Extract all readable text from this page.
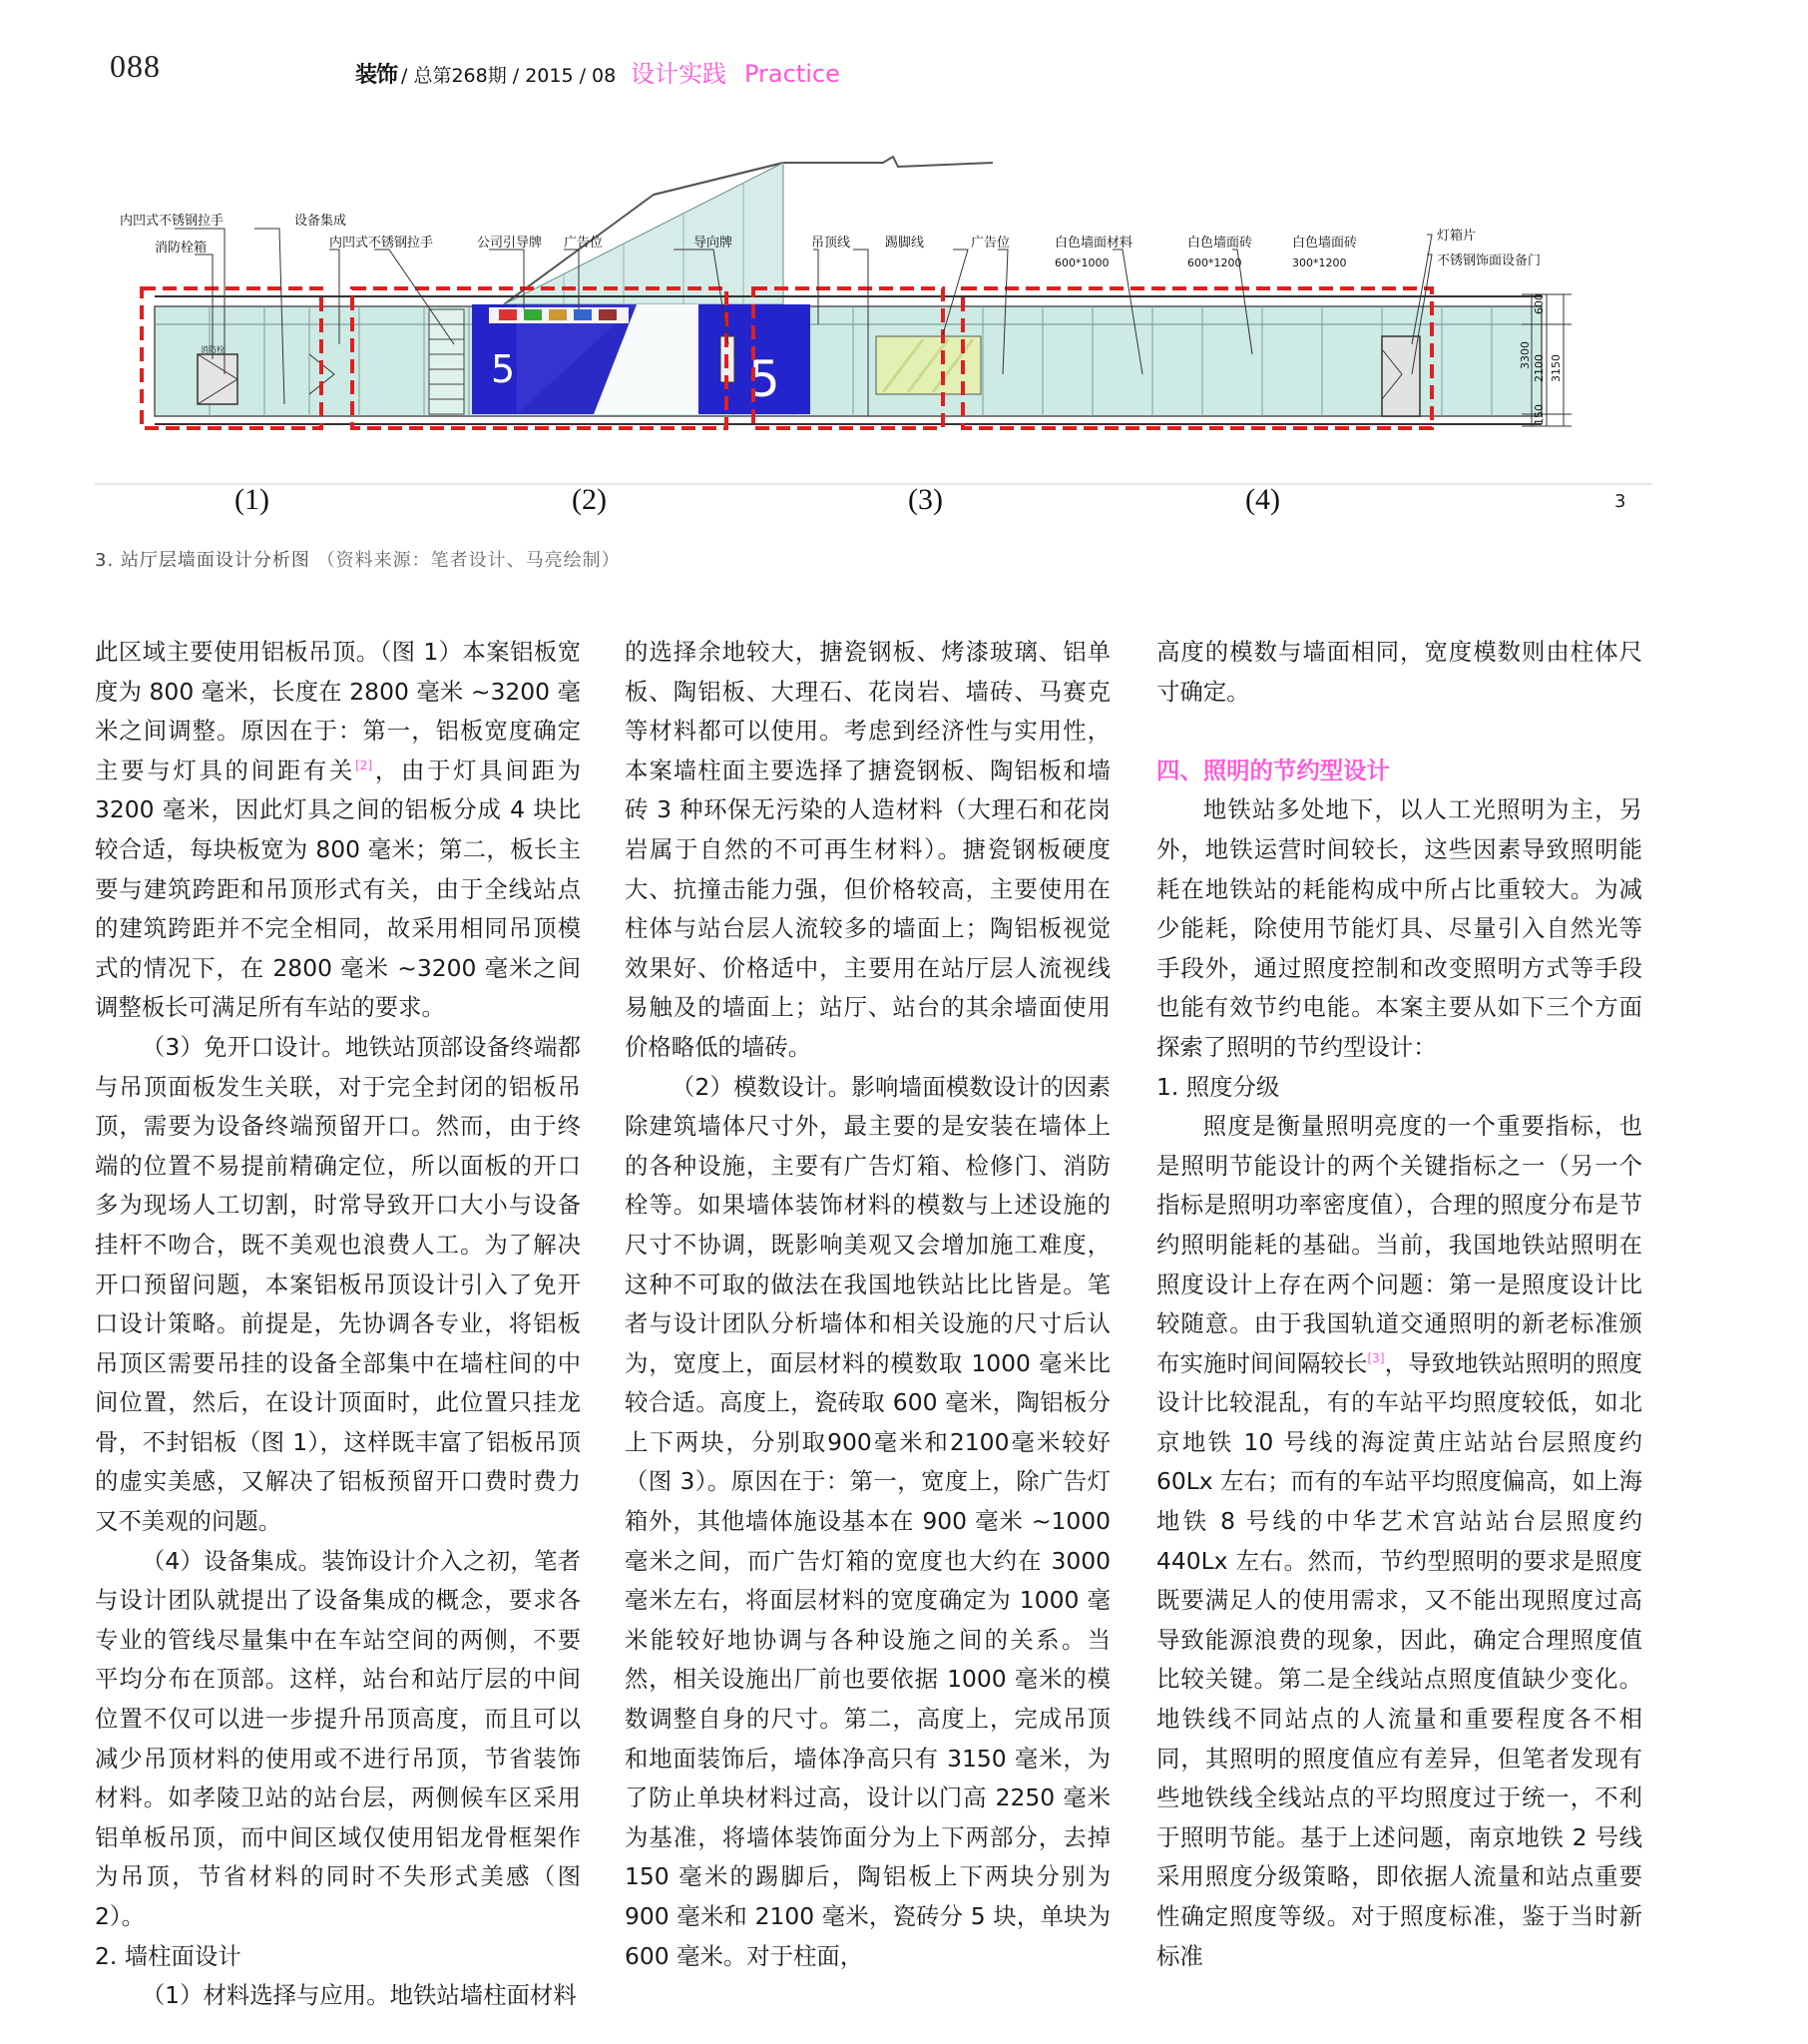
088	装饰 / 总第268期 / 2015 / 08 设计实践 Practice
消防栓	5	5
600
2100 3150
3300
150
内凹式不锈钢拉手
消防栓箱
设备集成
内凹式不锈钢拉手	公司引导牌 广告位	导向牌	吊顶线	踢脚线	广告位	白色墙面材料
600*1000
白色墙面砖
600*1200
白色墙面砖
300*1200
灯箱片
不锈钢饰面设备门
(1)	(2)	(3)	(4)	3
3. 站厅层墙面设计分析图 （资料来源：笔者设计、马亮绘制）

此区域主要使用铝板吊顶。（图 1）本案铝板宽度为 800 毫米，长度在 2800 毫米 ~3200 毫米之间调整。原因在于：第一，铝板宽度确定主要与灯具的间距有关[2]，由于灯具间距为 3200 毫米，因此灯具之间的铝板分成 4 块比较合适，每块板宽为 800 毫米；第二，板长主要与建筑跨距和吊顶形式有关，由于全线站点的建筑跨距并不完全相同，故采用相同吊顶模式的情况下，在 2800 毫米 ~3200 毫米之间调整板长可满足所有车站的要求。

（3）免开口设计。地铁站顶部设备终端都与吊顶面板发生关联，对于完全封闭的铝板吊顶，需要为设备终端预留开口。然而，由于终端的位置不易提前精确定位，所以面板的开口多为现场人工切割，时常导致开口大小与设备挂杆不吻合，既不美观也浪费人工。为了解决开口预留问题，本案铝板吊顶设计引入了免开口设计策略。前提是，先协调各专业，将铝板吊顶区需要吊挂的设备全部集中在墙柱间的中间位置，然后，在设计顶面时，此位置只挂龙骨，不封铝板（图 1），这样既丰富了铝板吊顶的虚实美感，又解决了铝板预留开口费时费力又不美观的问题。

（4）设备集成。装饰设计介入之初，笔者与设计团队就提出了设备集成的概念，要求各专业的管线尽量集中在车站空间的两侧，不要平均分布在顶部。这样，站台和站厅层的中间位置不仅可以进一步提升吊顶高度，而且可以减少吊顶材料的使用或不进行吊顶，节省装饰材料。如孝陵卫站的站台层，两侧候车区采用铝单板吊顶，而中间区域仅使用铝龙骨框架作为吊顶，节省材料的同时不失形式美感（图 2）。

2. 墙柱面设计

（1）材料选择与应用。地铁站墙柱面材料

的选择余地较大，搪瓷钢板、烤漆玻璃、铝单板、陶铝板、大理石、花岗岩、墙砖、马赛克等材料都可以使用。考虑到经济性与实用性，本案墙柱面主要选择了搪瓷钢板、陶铝板和墙砖 3 种环保无污染的人造材料（大理石和花岗岩属于自然的不可再生材料）。搪瓷钢板硬度大、抗撞击能力强，但价格较高，主要使用在柱体与站台层人流较多的墙面上；陶铝板视觉效果好、价格适中，主要用在站厅层人流视线易触及的墙面上；站厅、站台的其余墙面使用价格略低的墙砖。

（2）模数设计。影响墙面模数设计的因素除建筑墙体尺寸外，最主要的是安装在墙体上的各种设施，主要有广告灯箱、检修门、消防栓等。如果墙体装饰材料的模数与上述设施的尺寸不协调，既影响美观又会增加施工难度，这种不可取的做法在我国地铁站比比皆是。笔者与设计团队分析墙体和相关设施的尺寸后认为，宽度上，面层材料的模数取 1000 毫米比较合适。高度上，瓷砖取 600 毫米，陶铝板分上下两块，分别取900毫米和2100毫米较好（图 3）。原因在于：第一，宽度上，除广告灯箱外，其他墙体施设基本在 900 毫米 ~1000 毫米之间，而广告灯箱的宽度也大约在 3000 毫米左右，将面层材料的宽度确定为 1000 毫米能较好地协调与各种设施之间的关系。当然，相关设施出厂前也要依据 1000 毫米的模数调整自身的尺寸。第二，高度上，完成吊顶和地面装饰后，墙体净高只有 3150 毫米，为了防止单块材料过高，设计以门高 2250 毫米为基准，将墙体装饰面分为上下两部分，去掉 150 毫米的踢脚后，陶铝板上下两块分别为 900 毫米和 2100 毫米，瓷砖分 5 块，单块为 600 毫米。对于柱面，

高度的模数与墙面相同，宽度模数则由柱体尺寸确定。

四、照明的节约型设计

地铁站多处地下，以人工光照明为主，另外，地铁运营时间较长，这些因素导致照明能耗在地铁站的耗能构成中所占比重较大。为减少能耗，除使用节能灯具、尽量引入自然光等手段外，通过照度控制和改变照明方式等手段也能有效节约电能。本案主要从如下三个方面探索了照明的节约型设计：

1. 照度分级

照度是衡量照明亮度的一个重要指标，也是照明节能设计的两个关键指标之一（另一个指标是照明功率密度值），合理的照度分布是节约照明能耗的基础。当前，我国地铁站照明在照度设计上存在两个问题：第一是照度设计比较随意。由于我国轨道交通照明的新老标准颁布实施时间间隔较长[3]，导致地铁站照明的照度设计比较混乱，有的车站平均照度较低，如北京地铁 10 号线的海淀黄庄站站台层照度约 60Lx 左右；而有的车站平均照度偏高，如上海地铁 8 号线的中华艺术宫站站台层照度约 440Lx 左右。然而，节约型照明的要求是照度既要满足人的使用需求，又不能出现照度过高导致能源浪费的现象，因此，确定合理照度值比较关键。第二是全线站点照度值缺少变化。地铁线不同站点的人流量和重要程度各不相同，其照明的照度值应有差异，但笔者发现有些地铁线全线站点的平均照度过于统一，不利于照明节能。基于上述问题，南京地铁 2 号线采用照度分级策略，即依据人流量和站点重要性确定照度等级。对于照度标准，鉴于当时新标准
